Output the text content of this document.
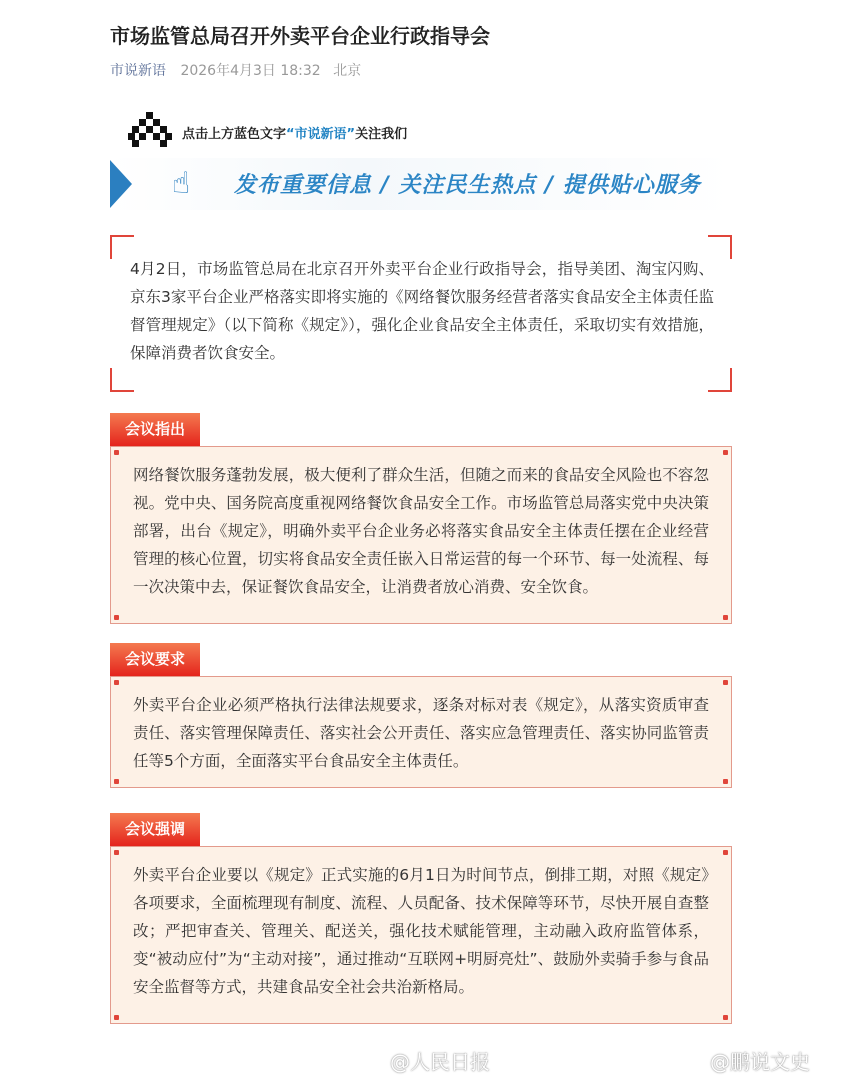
市场监管总局召开外卖平台企业行政指导会
市说新语 2026年4月3日 18:32 北京
点击上方蓝色文字 “市说新语” 关注我们
☝	发布重要信息 / 关注民生热点 / 提供贴心服务
4月2日，市场监管总局在北京召开外卖平台企业行政指导会，指导美团、淘宝闪购、京东3家平台企业严格落实即将实施的《网络餐饮服务经营者落实食品安全主体责任监督管理规定》（以下简称《规定》），强化企业食品安全主体责任，采取切实有效措施，保障消费者饮食安全。
会议指出
网络餐饮服务蓬勃发展，极大便利了群众生活，但随之而来的食品安全风险也不容忽视。党中央、国务院高度重视网络餐饮食品安全工作。市场监管总局落实党中央决策部署，出台《规定》，明确外卖平台企业务必将落实食品安全主体责任摆在企业经营管理的核心位置，切实将食品安全责任嵌入日常运营的每一个环节、每一处流程、每一次决策中去，保证餐饮食品安全，让消费者放心消费、安全饮食。
会议要求
外卖平台企业必须严格执行法律法规要求，逐条对标对表《规定》，从落实资质审查责任、落实管理保障责任、落实社会公开责任、落实应急管理责任、落实协同监管责任等5个方面，全面落实平台食品安全主体责任。
会议强调
外卖平台企业要以《规定》正式实施的6月1日为时间节点，倒排工期，对照《规定》各项要求，全面梳理现有制度、流程、人员配备、技术保障等环节，尽快开展自查整改；严把审查关、管理关、配送关，强化技术赋能管理，主动融入政府监管体系，变“被动应付”为“主动对接”，通过推动“互联网+明厨亮灶”、鼓励外卖骑手参与食品安全监督等方式，共建食品安全社会共治新格局。
@人民日报	@鹏说文史
